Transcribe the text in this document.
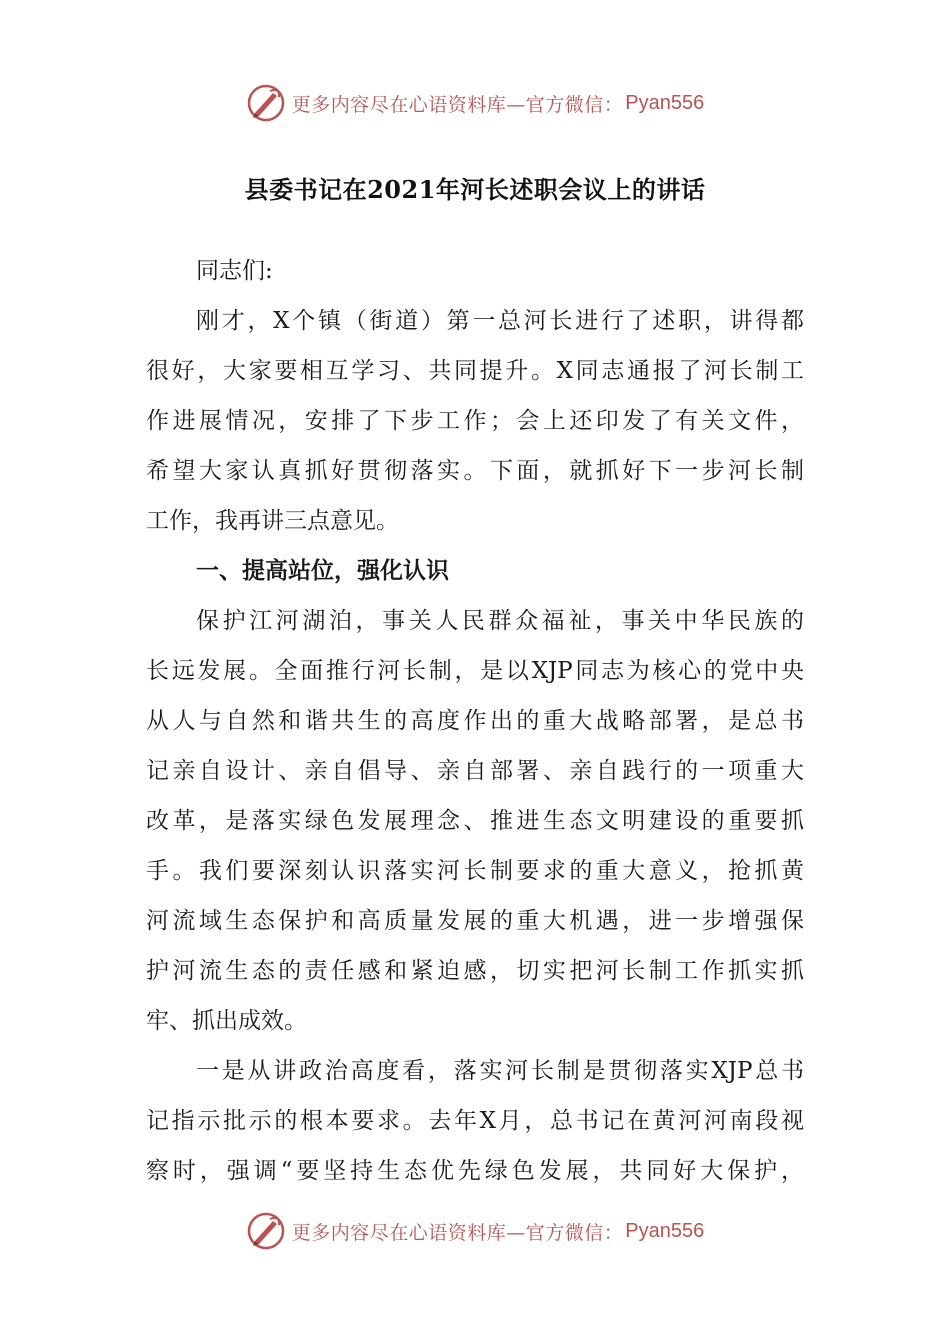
更多内容尽在心语资料库—官方微信： Pyan556
县委书记在2021年河长述职会议上的讲话
同志们:
刚才，X个镇（街道）第一总河长进行了述职，讲得都
很好，大家要相互学习、共同提升。X同志通报了河长制工
作进展情况，安排了下步工作；会上还印发了有关文件，
希望大家认真抓好贯彻落实。下面，就抓好下一步河长制
工作，我再讲三点意见。
一、提高站位，强化认识
保护江河湖泊，事关人民群众福祉，事关中华民族的
长远发展。全面推行河长制，是以XJP同志为核心的党中央
从人与自然和谐共生的高度作出的重大战略部署，是总书
记亲自设计、亲自倡导、亲自部署、亲自践行的一项重大
改革，是落实绿色发展理念、推进生态文明建设的重要抓
手。我们要深刻认识落实河长制要求的重大意义，抢抓黄
河流域生态保护和高质量发展的重大机遇，进一步增强保
护河流生态的责任感和紧迫感，切实把河长制工作抓实抓
牢、抓出成效。
一是从讲政治高度看，落实河长制是贯彻落实XJP总书
记指示批示的根本要求。去年X月，总书记在黄河河南段视
察时，强调“要坚持生态优先绿色发展，共同好大保护，
更多内容尽在心语资料库—官方微信： Pyan556
